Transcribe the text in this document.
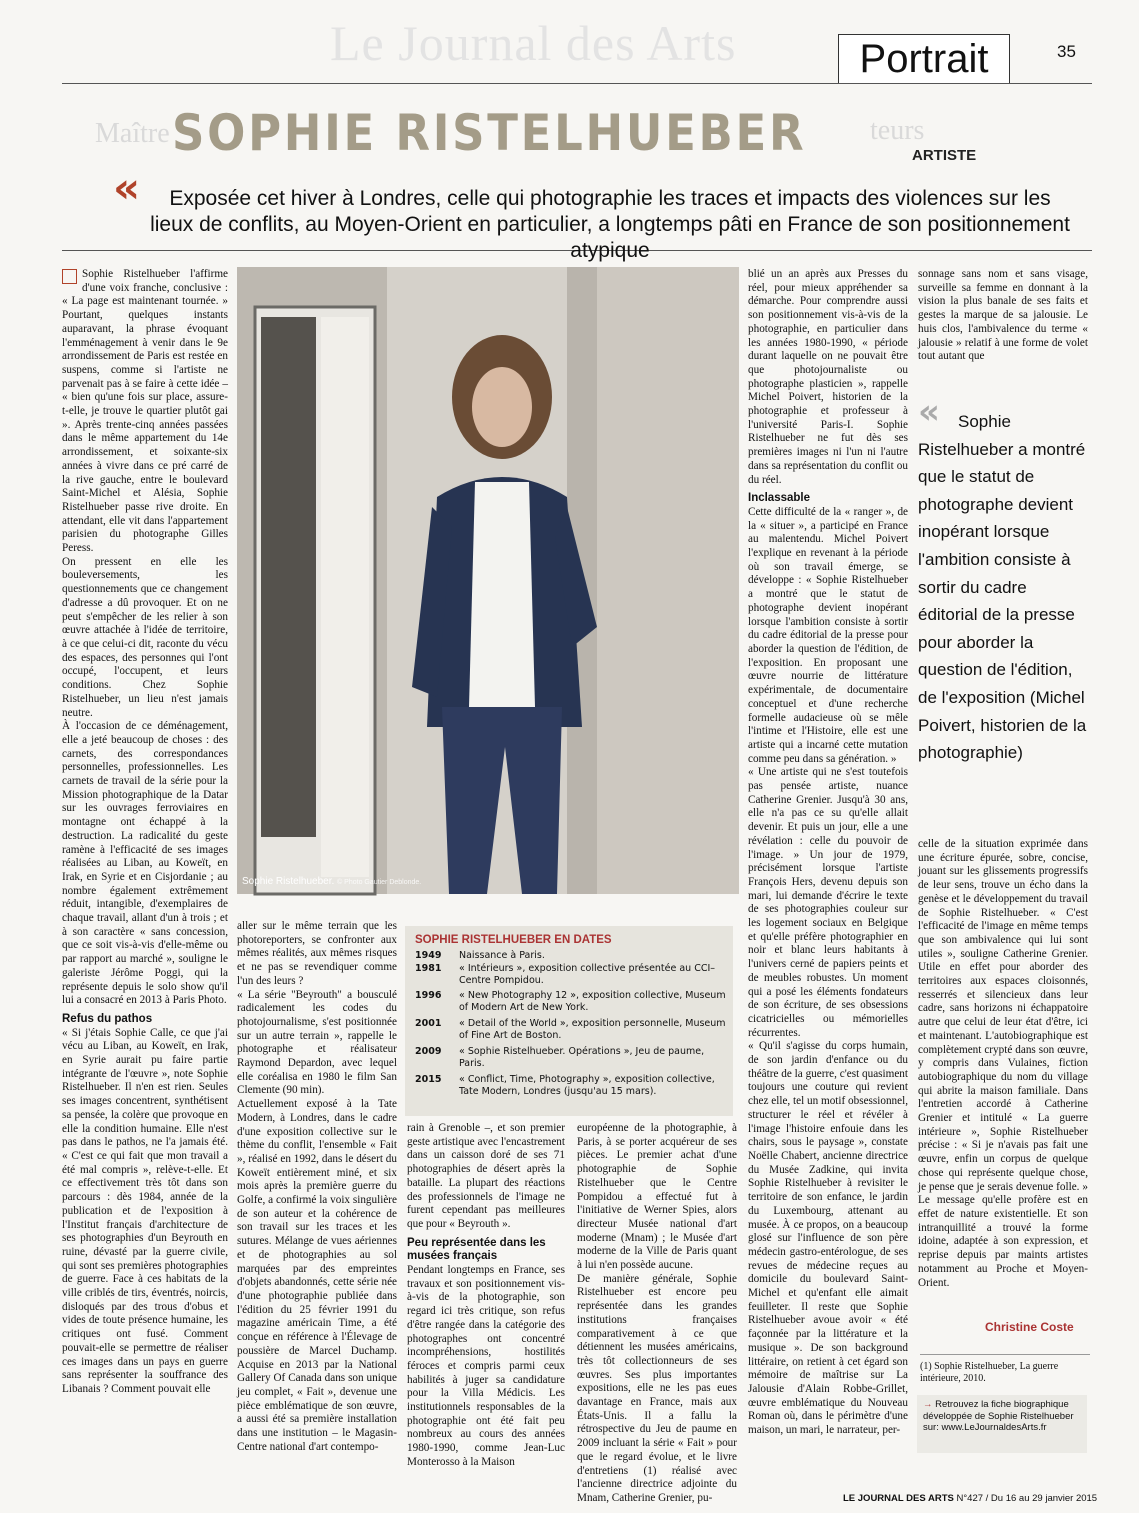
Le Journal des Arts	Portrait	35
Maître	teurs
SOPHIE RISTELHUEBER	ARTISTE
«	Exposée cet hiver à Londres, celle qui photographie les traces et impacts des violences sur les lieux de conflits, au Moyen-Orient en particulier, a longtemps pâti en France de son positionnement atypique

Sophie Ristelhueber l'affirme d'une voix franche, conclusive : « La page est maintenant tournée. » Pourtant, quelques instants auparavant, la phrase évoquant l'emménagement à venir dans le 9e arrondissement de Paris est restée en suspens, comme si l'artiste ne parvenait pas à se faire à cette idée – « bien qu'une fois sur place, assure-t-elle, je trouve le quartier plutôt gai ». Après trente-cinq années passées dans le même appartement du 14e arrondissement, et soixante-six années à vivre dans ce pré carré de la rive gauche, entre le boulevard Saint-Michel et Alésia, Sophie Ristelhueber passe rive droite. En attendant, elle vit dans l'appartement parisien du photographe Gilles Peress.

On pressent en elle les bouleversements, les questionnements que ce changement d'adresse a dû provoquer. Et on ne peut s'empêcher de les relier à son œuvre attachée à l'idée de territoire, à ce que celui-ci dit, raconte du vécu des espaces, des personnes qui l'ont occupé, l'occupent, et leurs conditions. Chez Sophie Ristelhueber, un lieu n'est jamais neutre.

À l'occasion de ce déménagement, elle a jeté beaucoup de choses : des carnets, des correspondances personnelles, professionnelles. Les carnets de travail de la série pour la Mission photographique de la Datar sur les ouvrages ferroviaires en montagne ont échappé à la destruction. La radicalité du geste ramène à l'efficacité de ses images réalisées au Liban, au Koweït, en Irak, en Syrie et en Cisjordanie ; au nombre également extrêmement réduit, intangible, d'exemplaires de chaque travail, allant d'un à trois ; et à son caractère « sans concession, que ce soit vis-à-vis d'elle-même ou par rapport au marché », souligne le galeriste Jérôme Poggi, qui la représente depuis le solo show qu'il lui a consacré en 2013 à Paris Photo.

Refus du pathos

« Si j'étais Sophie Calle, ce que j'ai vécu au Liban, au Koweït, en Irak, en Syrie aurait pu faire partie intégrante de l'œuvre », note Sophie Ristelhueber. Il n'en est rien. Seules ses images concentrent, synthétisent sa pensée, la colère que provoque en elle la condition humaine. Elle n'est pas dans le pathos, ne l'a jamais été. « C'est ce qui fait que mon travail a été mal compris », relève-t-elle. Et ce effectivement très tôt dans son parcours : dès 1984, année de la publication et de l'exposition à l'Institut français d'architecture de ses photographies d'un Beyrouth en ruine, dévasté par la guerre civile, qui sont ses premières photographies de guerre. Face à ces habitats de la ville criblés de tirs, éventrés, noircis, disloqués par des trous d'obus et vides de toute présence humaine, les critiques ont fusé. Comment pouvait-elle se permettre de réaliser ces images dans un pays en guerre sans représenter la souffrance des Libanais ? Comment pouvait elle

Sophie Ristelhueber. © Photo Gautier Deblonde.

aller sur le même terrain que les photoreporters, se confronter aux mêmes réalités, aux mêmes risques et ne pas se revendiquer comme l'un des leurs ?

« La série "Beyrouth" a bousculé radicalement les codes du photojournalisme, s'est positionnée sur un autre terrain », rappelle le photographe et réalisateur Raymond Depardon, avec lequel elle coréalisa en 1980 le film San Clemente (90 min).

Actuellement exposé à la Tate Modern, à Londres, dans le cadre d'une exposition collective sur le thème du conflit, l'ensemble « Fait », réalisé en 1992, dans le désert du Koweït entièrement miné, et six mois après la première guerre du Golfe, a confirmé la voix singulière de son auteur et la cohérence de son travail sur les traces et les sutures. Mélange de vues aériennes et de photographies au sol marquées par des empreintes d'objets abandonnés, cette série née d'une photographie publiée dans l'édition du 25 février 1991 du magazine américain Time, a été conçue en référence à l'Élevage de poussière de Marcel Duchamp. Acquise en 2013 par la National Gallery Of Canada dans son unique jeu complet, « Fait », devenue une pièce emblématique de son œuvre, a aussi été sa première installation dans une institution – le Magasin-Centre national d'art contempo-

SOPHIE RISTELHUEBER EN DATES
1949	Naissance à Paris.
1981	« Intérieurs », exposition collective présentée au CCI–Centre Pompidou.
1996	« New Photography 12 », exposition collective, Museum of Modern Art de New York.
2001	« Detail of the World », exposition personnelle, Museum of Fine Art de Boston.
2009	« Sophie Ristelhueber. Opérations », Jeu de paume, Paris.
2015	« Conflict, Time, Photography », exposition collective, Tate Modern, Londres (jusqu'au 15 mars).

rain à Grenoble –, et son premier geste artistique avec l'encastrement dans un caisson doré de ses 71 photographies de désert après la bataille. La plupart des réactions des professionnels de l'image ne furent cependant pas meilleures que pour « Beyrouth ».

Peu représentée dans les musées français

Pendant longtemps en France, ses travaux et son positionnement vis-à-vis de la photographie, son regard ici très critique, son refus d'être rangée dans la catégorie des photographes ont concentré incompréhensions, hostilités féroces et compris parmi ceux habilités à juger sa candidature pour la Villa Médicis. Les institutionnels responsables de la photographie ont été fait peu nombreux au cours des années 1980-1990, comme Jean-Luc Monterosso à la Maison

européenne de la photographie, à Paris, à se porter acquéreur de ses pièces. Le premier achat d'une photographie de Sophie Ristelhueber que le Centre Pompidou a effectué fut à l'initiative de Werner Spies, alors directeur Musée national d'art moderne (Mnam) ; le Musée d'art moderne de la Ville de Paris quant à lui n'en possède aucune.

De manière générale, Sophie Ristelhueber est encore peu représentée dans les grandes institutions françaises comparativement à ce que détiennent les musées américains, très tôt collectionneurs de ses œuvres. Ses plus importantes expositions, elle ne les pas eues davantage en France, mais aux États-Unis. Il a fallu la rétrospective du Jeu de paume en 2009 incluant la série « Fait » pour que le regard évolue, et le livre d'entretiens (1) réalisé avec l'ancienne directrice adjointe du Mnam, Catherine Grenier, pu-

blié un an après aux Presses du réel, pour mieux appréhender sa démarche. Pour comprendre aussi son positionnement vis-à-vis de la photographie, en particulier dans les années 1980-1990, « période durant laquelle on ne pouvait être que photojournaliste ou photographe plasticien », rappelle Michel Poivert, historien de la photographie et professeur à l'université Paris-I. Sophie Ristelhueber ne fut dès ses premières images ni l'un ni l'autre dans sa représentation du conflit ou du réel.

Inclassable

Cette difficulté de la « ranger », de la « situer », a participé en France au malentendu. Michel Poivert l'explique en revenant à la période où son travail émerge, se développe : « Sophie Ristelhueber a montré que le statut de photographe devient inopérant lorsque l'ambition consiste à sortir du cadre éditorial de la presse pour aborder la question de l'édition, de l'exposition. En proposant une œuvre nourrie de littérature expérimentale, de documentaire conceptuel et d'une recherche formelle audacieuse où se mêle l'intime et l'Histoire, elle est une artiste qui a incarné cette mutation comme peu dans sa génération. »

« Une artiste qui ne s'est toutefois pas pensée artiste, nuance Catherine Grenier. Jusqu'à 30 ans, elle n'a pas ce su qu'elle allait devenir. Et puis un jour, elle a une révélation : celle du pouvoir de l'image. » Un jour de 1979, précisément lorsque l'artiste François Hers, devenu depuis son mari, lui demande d'écrire le texte de ses photographies couleur sur les logement sociaux en Belgique et qu'elle préfère photographier en noir et blanc leurs habitants à l'univers cerné de papiers peints et de meubles robustes. Un moment qui a posé les éléments fondateurs de son écriture, de ses obsessions cicatricielles ou mémorielles récurrentes.

« Qu'il s'agisse du corps humain, de son jardin d'enfance ou du théâtre de la guerre, c'est quasiment toujours une couture qui revient chez elle, tel un motif obsessionnel, structurer le réel et révéler à l'image l'histoire enfouie dans les chairs, sous le paysage », constate Noëlle Chabert, ancienne directrice du Musée Zadkine, qui invita Sophie Ristelhueber à revisiter le territoire de son enfance, le jardin du Luxembourg, attenant au musée. À ce propos, on a beaucoup glosé sur l'influence de son père médecin gastro-entérologue, de ses revues de médecine reçues au domicile du boulevard Saint-Michel et qu'enfant elle aimait feuilleter. Il reste que Sophie Ristelhueber avoue avoir « été façonnée par la littérature et la musique ». De son background littéraire, on retient à cet égard son mémoire de maîtrise sur La Jalousie d'Alain Robbe-Grillet, œuvre emblématique du Nouveau Roman où, dans le périmètre d'une maison, un mari, le narrateur, per-

sonnage sans nom et sans visage, surveille sa femme en donnant à la vision la plus banale de ses faits et gestes la marque de sa jalousie. Le huis clos, l'ambivalence du terme « jalousie » relatif à une forme de volet tout autant que

«	Sophie Ristelhueber a montré que le statut de photographe devient inopérant lorsque l'ambition consiste à sortir du cadre éditorial de la presse pour aborder la question de l'édition, de l'exposition (Michel Poivert, historien de la photographie)

celle de la situation exprimée dans une écriture épurée, sobre, concise, jouant sur les glissements progressifs de leur sens, trouve un écho dans la genèse et le développement du travail de Sophie Ristelhueber. « C'est l'efficacité de l'image en même temps que son ambivalence qui lui sont utiles », souligne Catherine Grenier. Utile en effet pour aborder des territoires aux espaces cloisonnés, resserrés et silencieux dans leur cadre, sans horizons ni échappatoire autre que celui de leur état d'être, ici et maintenant. L'autobiographique est complètement crypté dans son œuvre, y compris dans Vulaines, fiction autobiographique du nom du village qui abrite la maison familiale. Dans l'entretien accordé à Catherine Grenier et intitulé « La guerre intérieure », Sophie Ristelhueber précise : « Si je n'avais pas fait une œuvre, enfin un corpus de quelque chose qui représente quelque chose, je pense que je serais devenue folle. » Le message qu'elle profère est en effet de nature existentielle. Et son intranquillité a trouvé la forme idoine, adaptée à son expression, et reprise depuis par maints artistes notamment au Proche et Moyen-Orient.

Christine Coste
(1) Sophie Ristelhueber, La guerre intérieure, 2010.
→ Retrouvez la fiche biographique développée de Sophie Ristelhueber sur: www.LeJournaldesArts.fr
LE JOURNAL DES ARTS N°427 / Du 16 au 29 janvier 2015
